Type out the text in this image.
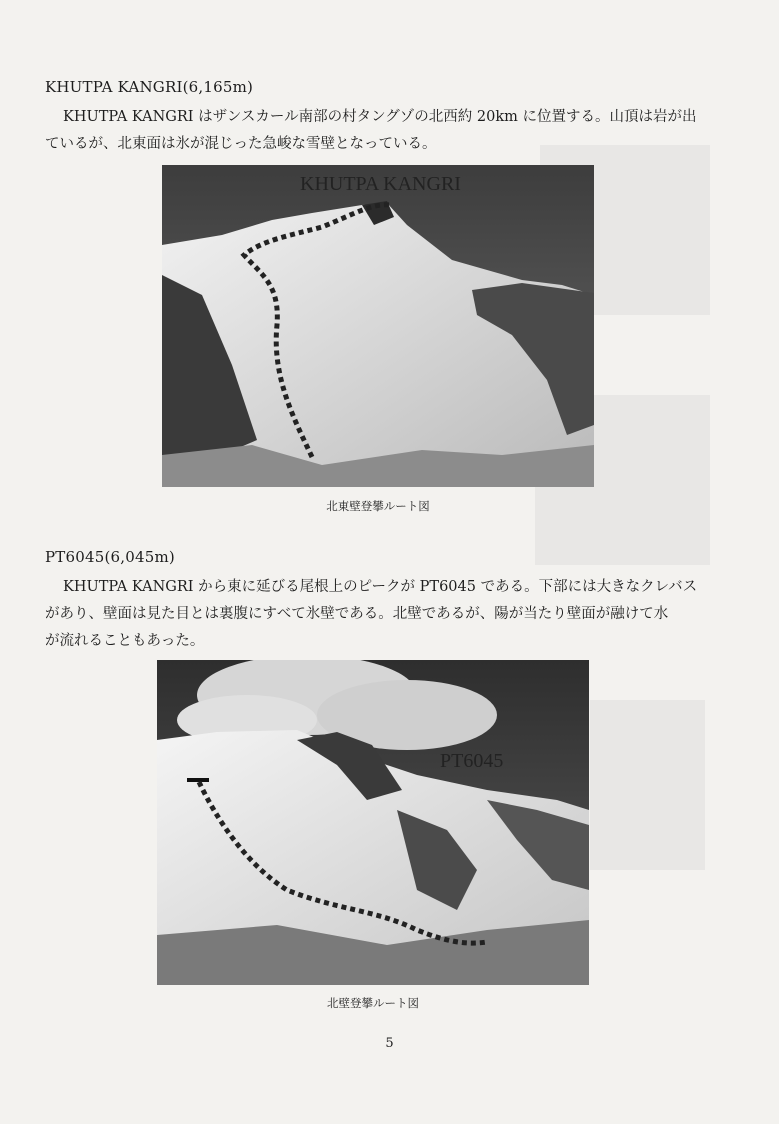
KHUTPA KANGRI(6,165m)
KHUTPA KANGRI はザンスカール南部の村タングゾの北西約 20km に位置する。山頂は岩が出
ているが、北東面は氷が混じった急峻な雪壁となっている。
KHUTPA KANGRI
北東壁登攀ルート図
PT6045(6,045m)
KHUTPA KANGRI から東に延びる尾根上のピークが PT6045 である。下部には大きなクレバス
があり、壁面は見た目とは裏腹にすべて氷壁である。北壁であるが、陽が当たり壁面が融けて水
が流れることもあった。
PT6045
北壁登攀ルート図
5
